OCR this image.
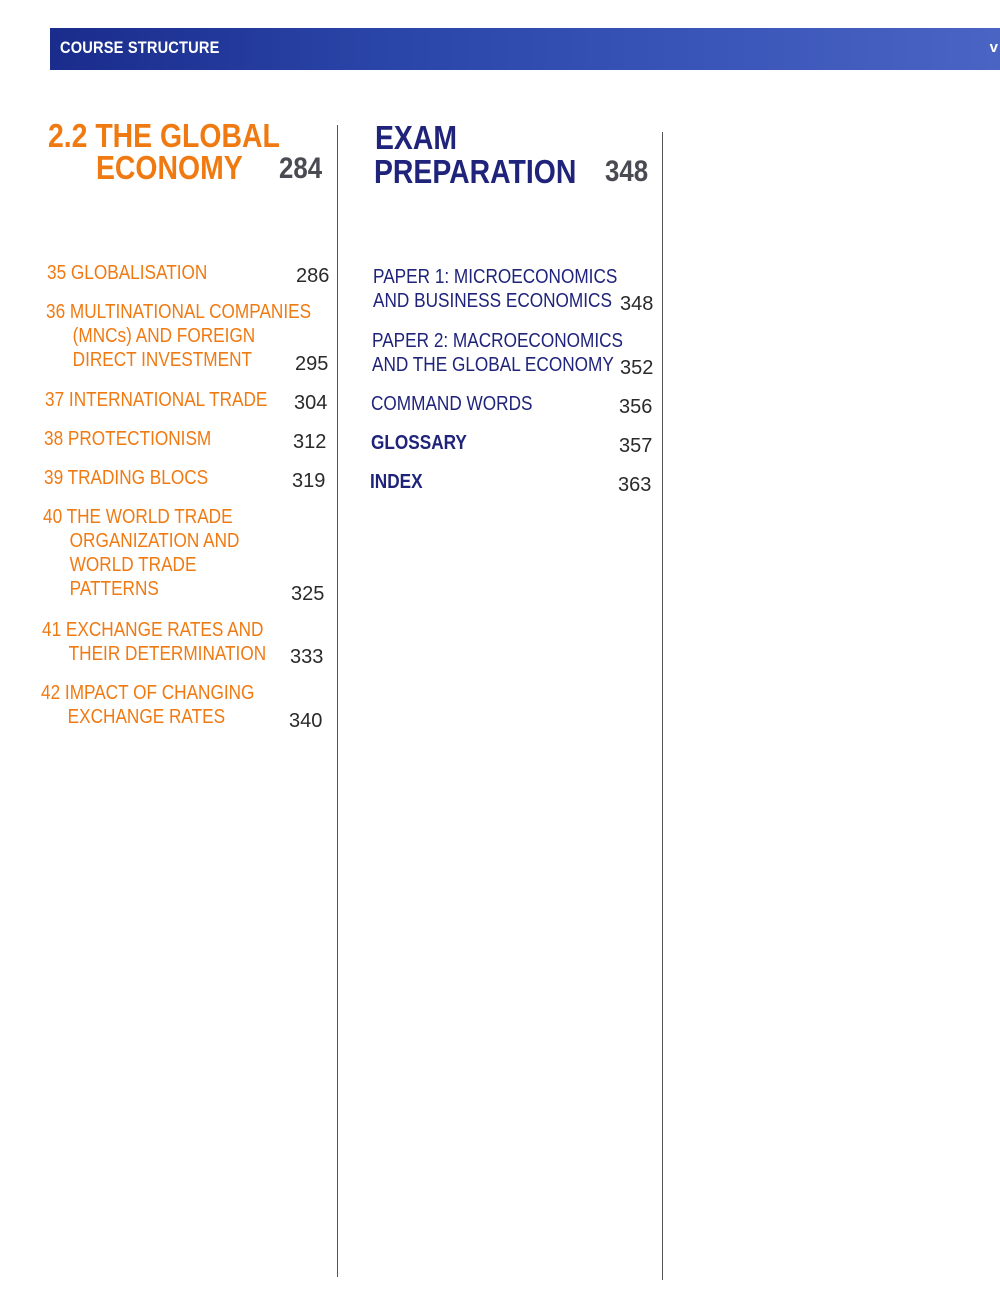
COURSE STRUCTURE	v
2.2 THE GLOBAL
ECONOMY 284
35 GLOBALISATION	286
36 MULTINATIONAL COMPANIES
(MNCs) AND FOREIGN
DIRECT INVESTMENT	295
37 INTERNATIONAL TRADE 304
38 PROTECTIONISM	312
39 TRADING BLOCS	319
40 THE WORLD TRADE
ORGANIZATION AND
WORLD TRADE
PATTERNS	325
41 EXCHANGE RATES AND
THEIR DETERMINATION 333
42 IMPACT OF CHANGING
EXCHANGE RATES	340
EXAM
PREPARATION 348
PAPER 1: MICROECONOMICS
AND BUSINESS ECONOMICS 348
PAPER 2: MACROECONOMICS
AND THE GLOBAL ECONOMY 352
COMMAND WORDS	356
GLOSSARY	357
INDEX	363
